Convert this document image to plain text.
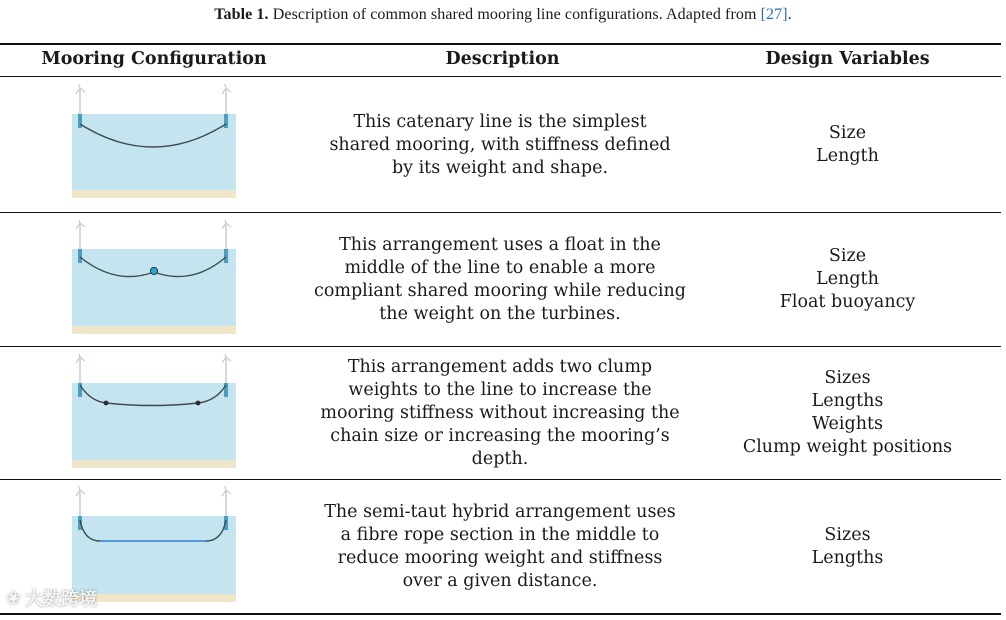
Table 1. Description of common shared mooring line configurations. Adapted from [27].
Mooring Configuration	Description	Design Variables
This catenary line is the simplest shared mooring, with stiffness defined by its weight and shape.
Size
Length
This arrangement uses a float in the middle of the line to enable a more compliant shared mooring while reducing the weight on the turbines.
Size
Length
Float buoyancy
This arrangement adds two clump weights to the line to increase the mooring stiffness without increasing the chain size or increasing the mooring’s depth.
Sizes
Lengths
Weights
Clump weight positions
The semi-taut hybrid arrangement uses a fibre rope section in the middle to reduce mooring weight and stiffness over a given distance.
Sizes
Lengths
❀ 大数跨境
